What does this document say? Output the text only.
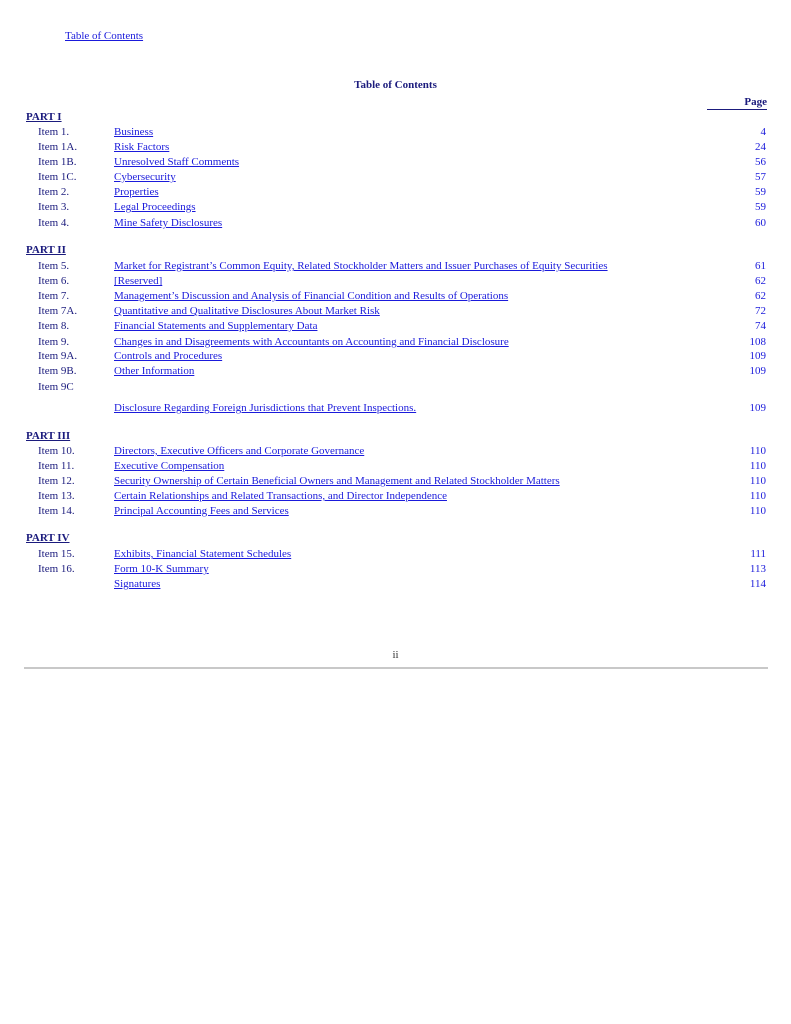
Table of Contents
Table of Contents
Page
PART I
Item 1.	Business	4
Item 1A.	Risk Factors	24
Item 1B.	Unresolved Staff Comments	56
Item 1C.	Cybersecurity	57
Item 2.	Properties	59
Item 3.	Legal Proceedings	59
Item 4.	Mine Safety Disclosures	60
PART II
Item 5.	Market for Registrant’s Common Equity, Related Stockholder Matters and Issuer Purchases of Equity Securities	61
Item 6.	[Reserved]	62
Item 7.	Management’s Discussion and Analysis of Financial Condition and Results of Operations	62
Item 7A.	Quantitative and Qualitative Disclosures About Market Risk	72
Item 8.	Financial Statements and Supplementary Data	74
Item 9.	Changes in and Disagreements with Accountants on Accounting and Financial Disclosure	108
Item 9A.	Controls and Procedures	109
Item 9B.	Other Information	109
Item 9C
Disclosure Regarding Foreign Jurisdictions that Prevent Inspections.	109
PART III
Item 10.	Directors, Executive Officers and Corporate Governance	110
Item 11.	Executive Compensation	110
Item 12.	Security Ownership of Certain Beneficial Owners and Management and Related Stockholder Matters	110
Item 13.	Certain Relationships and Related Transactions, and Director Independence	110
Item 14.	Principal Accounting Fees and Services	110
PART IV
Item 15.	Exhibits, Financial Statement Schedules	111
Item 16.	Form 10-K Summary	113
Signatures	114
ii
